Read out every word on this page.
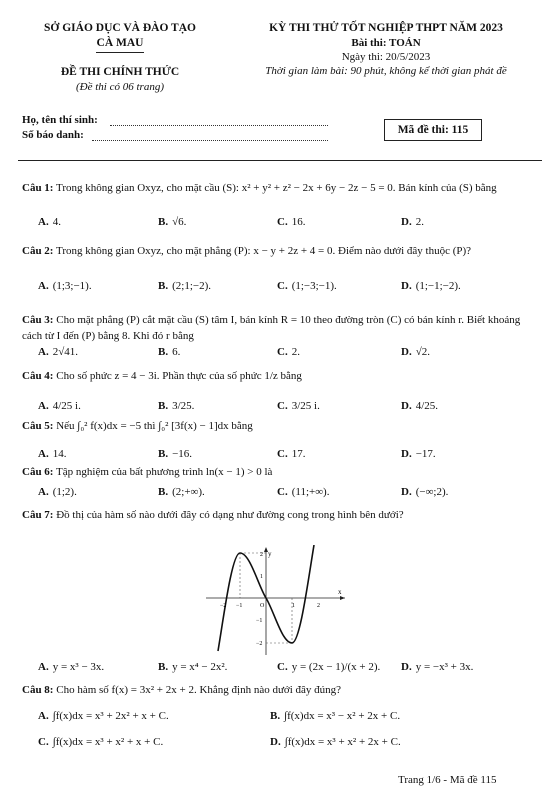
SỞ GIÁO DỤC VÀ ĐÀO TẠO
CÀ MAU
ĐỀ THI CHÍNH THỨC
(Đề thi có 06 trang)
KỲ THI THỬ TỐT NGHIỆP THPT NĂM 2023
Bài thi: TOÁN
Ngày thi: 20/5/2023
Thời gian làm bài: 90 phút, không kể thời gian phát đề
Họ, tên thí sinh:
Số báo danh:	Mã đề thi: 115
Câu 1: Trong không gian Oxyz, cho mặt cầu (S): x² + y² + z² − 2x + 6y − 2z − 5 = 0. Bán kính của (S) bằng
A. 4.	B. √6.	C. 16.	D. 2.
Câu 2: Trong không gian Oxyz, cho mặt phẳng (P): x − y + 2z + 4 = 0. Điểm nào dưới đây thuộc (P)?
A. (1;3;−1).	B. (2;1;−2).	C. (1;−3;−1).	D. (1;−1;−2).
Câu 3: Cho mặt phẳng (P) cắt mặt cầu (S) tâm I, bán kính R = 10 theo đường tròn (C) có bán kính r. Biết khoảng cách từ I đến (P) bằng 8. Khi đó r bằng
A. 2√41.	B. 6.	C. 2.	D. √2.
Câu 4: Cho số phức z = 4 − 3i. Phần thực của số phức 1/z bằng
A. 4/25 i.	B. 3/25.	C. 3/25 i.	D. 4/25.
Câu 5: Nếu ∫₀² f(x)dx = −5 thì ∫₀² [3f(x) − 1]dx bằng
A. 14.	B. −16.	C. 17.	D. −17.
Câu 6: Tập nghiệm của bất phương trình ln(x − 1) > 0 là
A. (1;2).	B. (2;+∞).	C. (11;+∞).	D. (−∞;2).
Câu 7: Đồ thị của hàm số nào dưới đây có dạng như đường cong trong hình bên dưới?
A. y = x³ − 3x.	B. y = x⁴ − 2x².	C. y = (2x − 1)/(x + 2). D. y = −x³ + 3x.
Câu 8: Cho hàm số f(x) = 3x² + 2x + 2. Khẳng định nào dưới đây đúng?
A. ∫f(x)dx = x³ + 2x² + x + C.	B. ∫f(x)dx = x³ − x² + 2x + C.
C. ∫f(x)dx = x³ + x² + x + C.	D. ∫f(x)dx = x³ + x² + 2x + C.
y
x
−2 −1	O	1	2
2
1
−1
−2
Trang 1/6 - Mã đề 115
